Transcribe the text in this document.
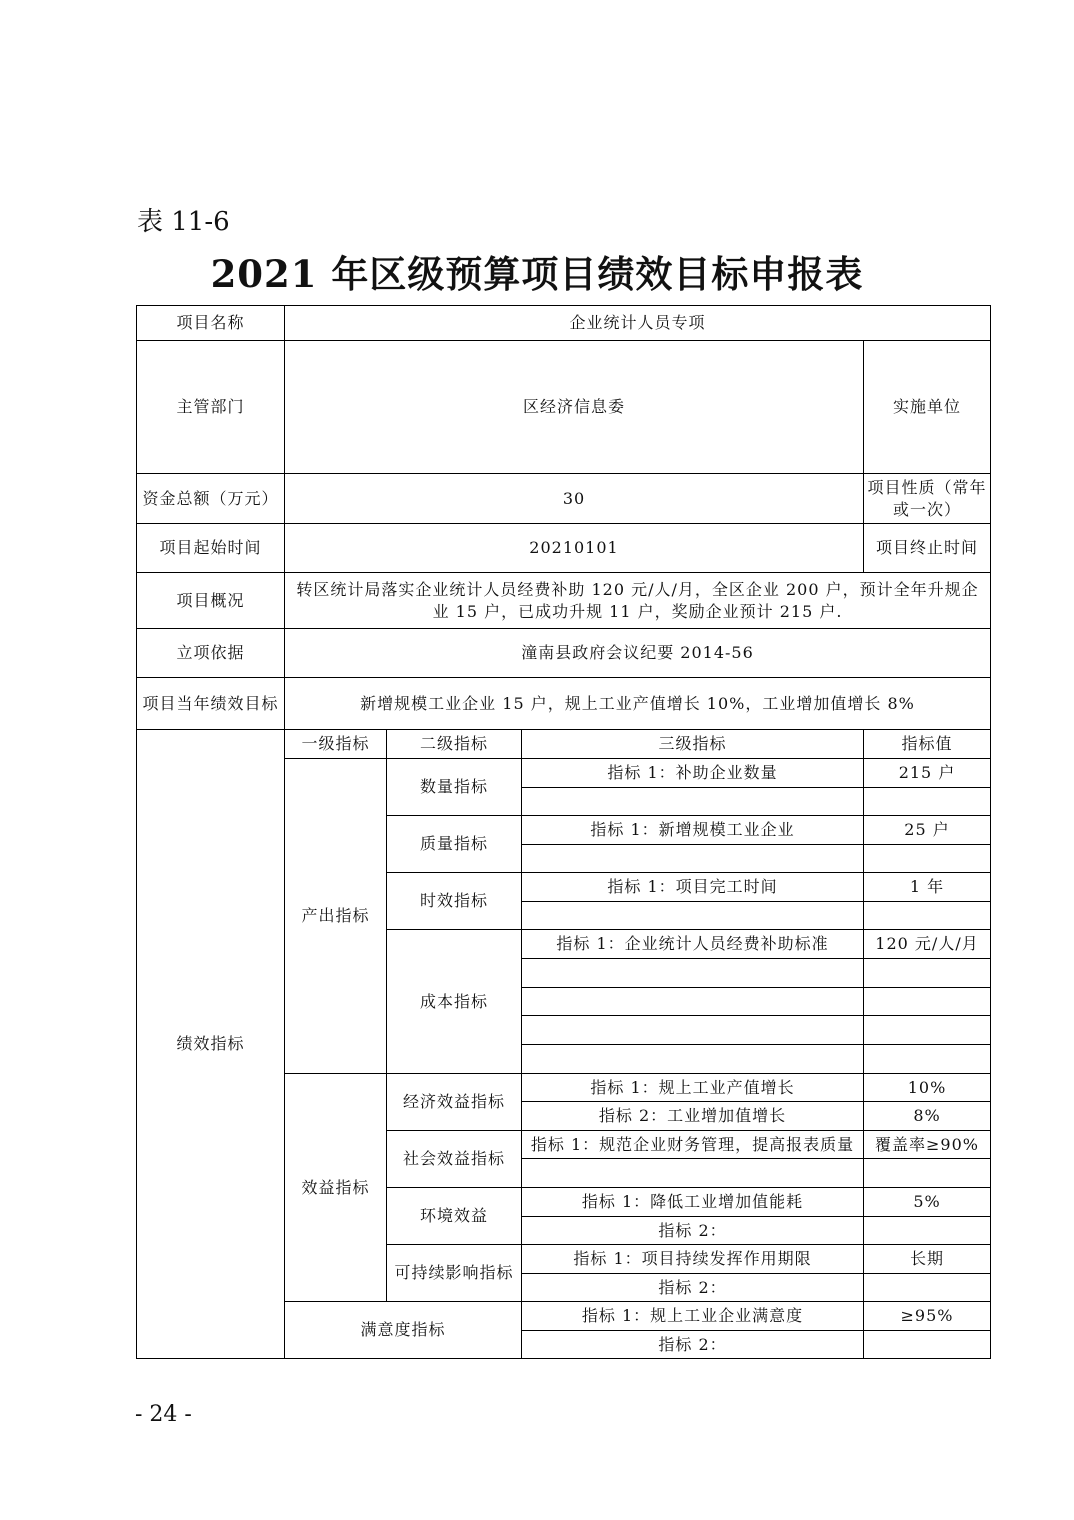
表 11-6
2021 年区级预算项目绩效目标申报表
项目名称	企业统计人员专项				
主管部门	区经济信息委			实施单位	
资金总额（万元）	30			项目性质（常年或一次）	
项目起始时间	20210101			项目终止时间	
项目概况	转区统计局落实企业统计人员经费补助 120 元/人/月，全区企业 200 户，预计全年升规企
业 15 户，已成功升规 11 户，奖励企业预计 215 户.				

立项依据	潼南县政府会议纪要 2014-56				
项目当年绩效目标	新增规模工业企业 15 户，规上工业产值增长 10%，工业增加值增长 8%				
绩效指标	一级指标	二级指标	三级指标	指标值	
	产出指标	数量指标	指标 1：补助企业数量	215 户	

		质量指标	指标 1：新增规模工业企业	25 户	

		时效指标	指标 1：项目完工时间	1 年	

		成本指标	指标 1：企业统计人员经费补助标准	120 元/人/月	

	效益指标	经济效益指标	指标 1：规上工业产值增长	10%	
			指标 2：工业增加值增长	8%	
		社会效益指标	指标 1：规范企业财务管理，提高报表质量	覆盖率≥90%	

		环境效益	指标 1：降低工业增加值能耗	5%	
			指标 2：		
		可持续影响指标	指标 1：项目持续发挥作用期限	长期	
			指标 2：		
	满意度指标		指标 1：规上工业企业满意度	≥95%	
			指标 2：		
- 24 -
